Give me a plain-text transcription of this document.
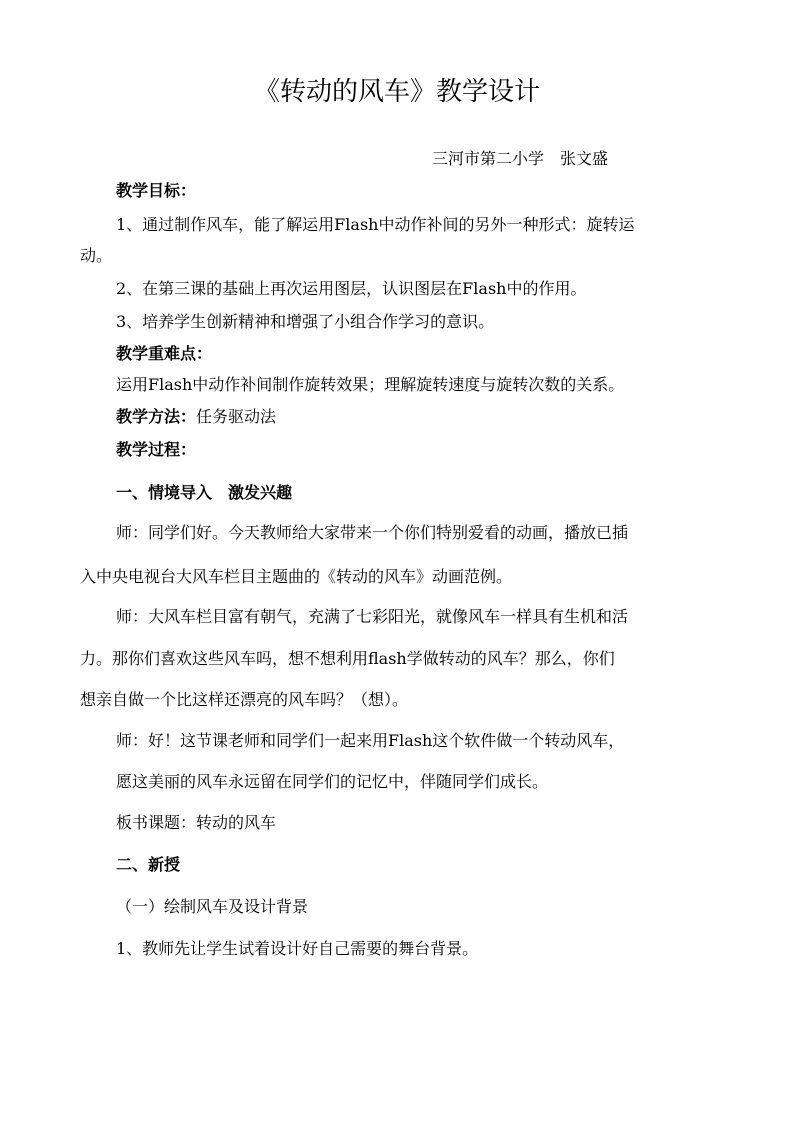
《转动的风车》教学设计
三河市第二小学　张文盛
教学目标：
1、通过制作风车，能了解运用Flash中动作补间的另外一种形式：旋转运
动。
2、在第三课的基础上再次运用图层，认识图层在Flash中的作用。
3、培养学生创新精神和增强了小组合作学习的意识。
教学重难点：
运用Flash中动作补间制作旋转效果；理解旋转速度与旋转次数的关系。
教学方法：任务驱动法
教学过程：
一、情境导入　激发兴趣
师：同学们好。今天教师给大家带来一个你们特别爱看的动画，播放已插
入中央电视台大风车栏目主题曲的《转动的风车》动画范例。
师：大风车栏目富有朝气，充满了七彩阳光，就像风车一样具有生机和活
力。那你们喜欢这些风车吗，想不想利用flash学做转动的风车？那么，你们
想亲自做一个比这样还漂亮的风车吗？（想）。
师：好！这节课老师和同学们一起来用Flash这个软件做一个转动风车，
愿这美丽的风车永远留在同学们的记忆中，伴随同学们成长。
板书课题：转动的风车
二、新授
（一）绘制风车及设计背景
1、教师先让学生试着设计好自己需要的舞台背景。
